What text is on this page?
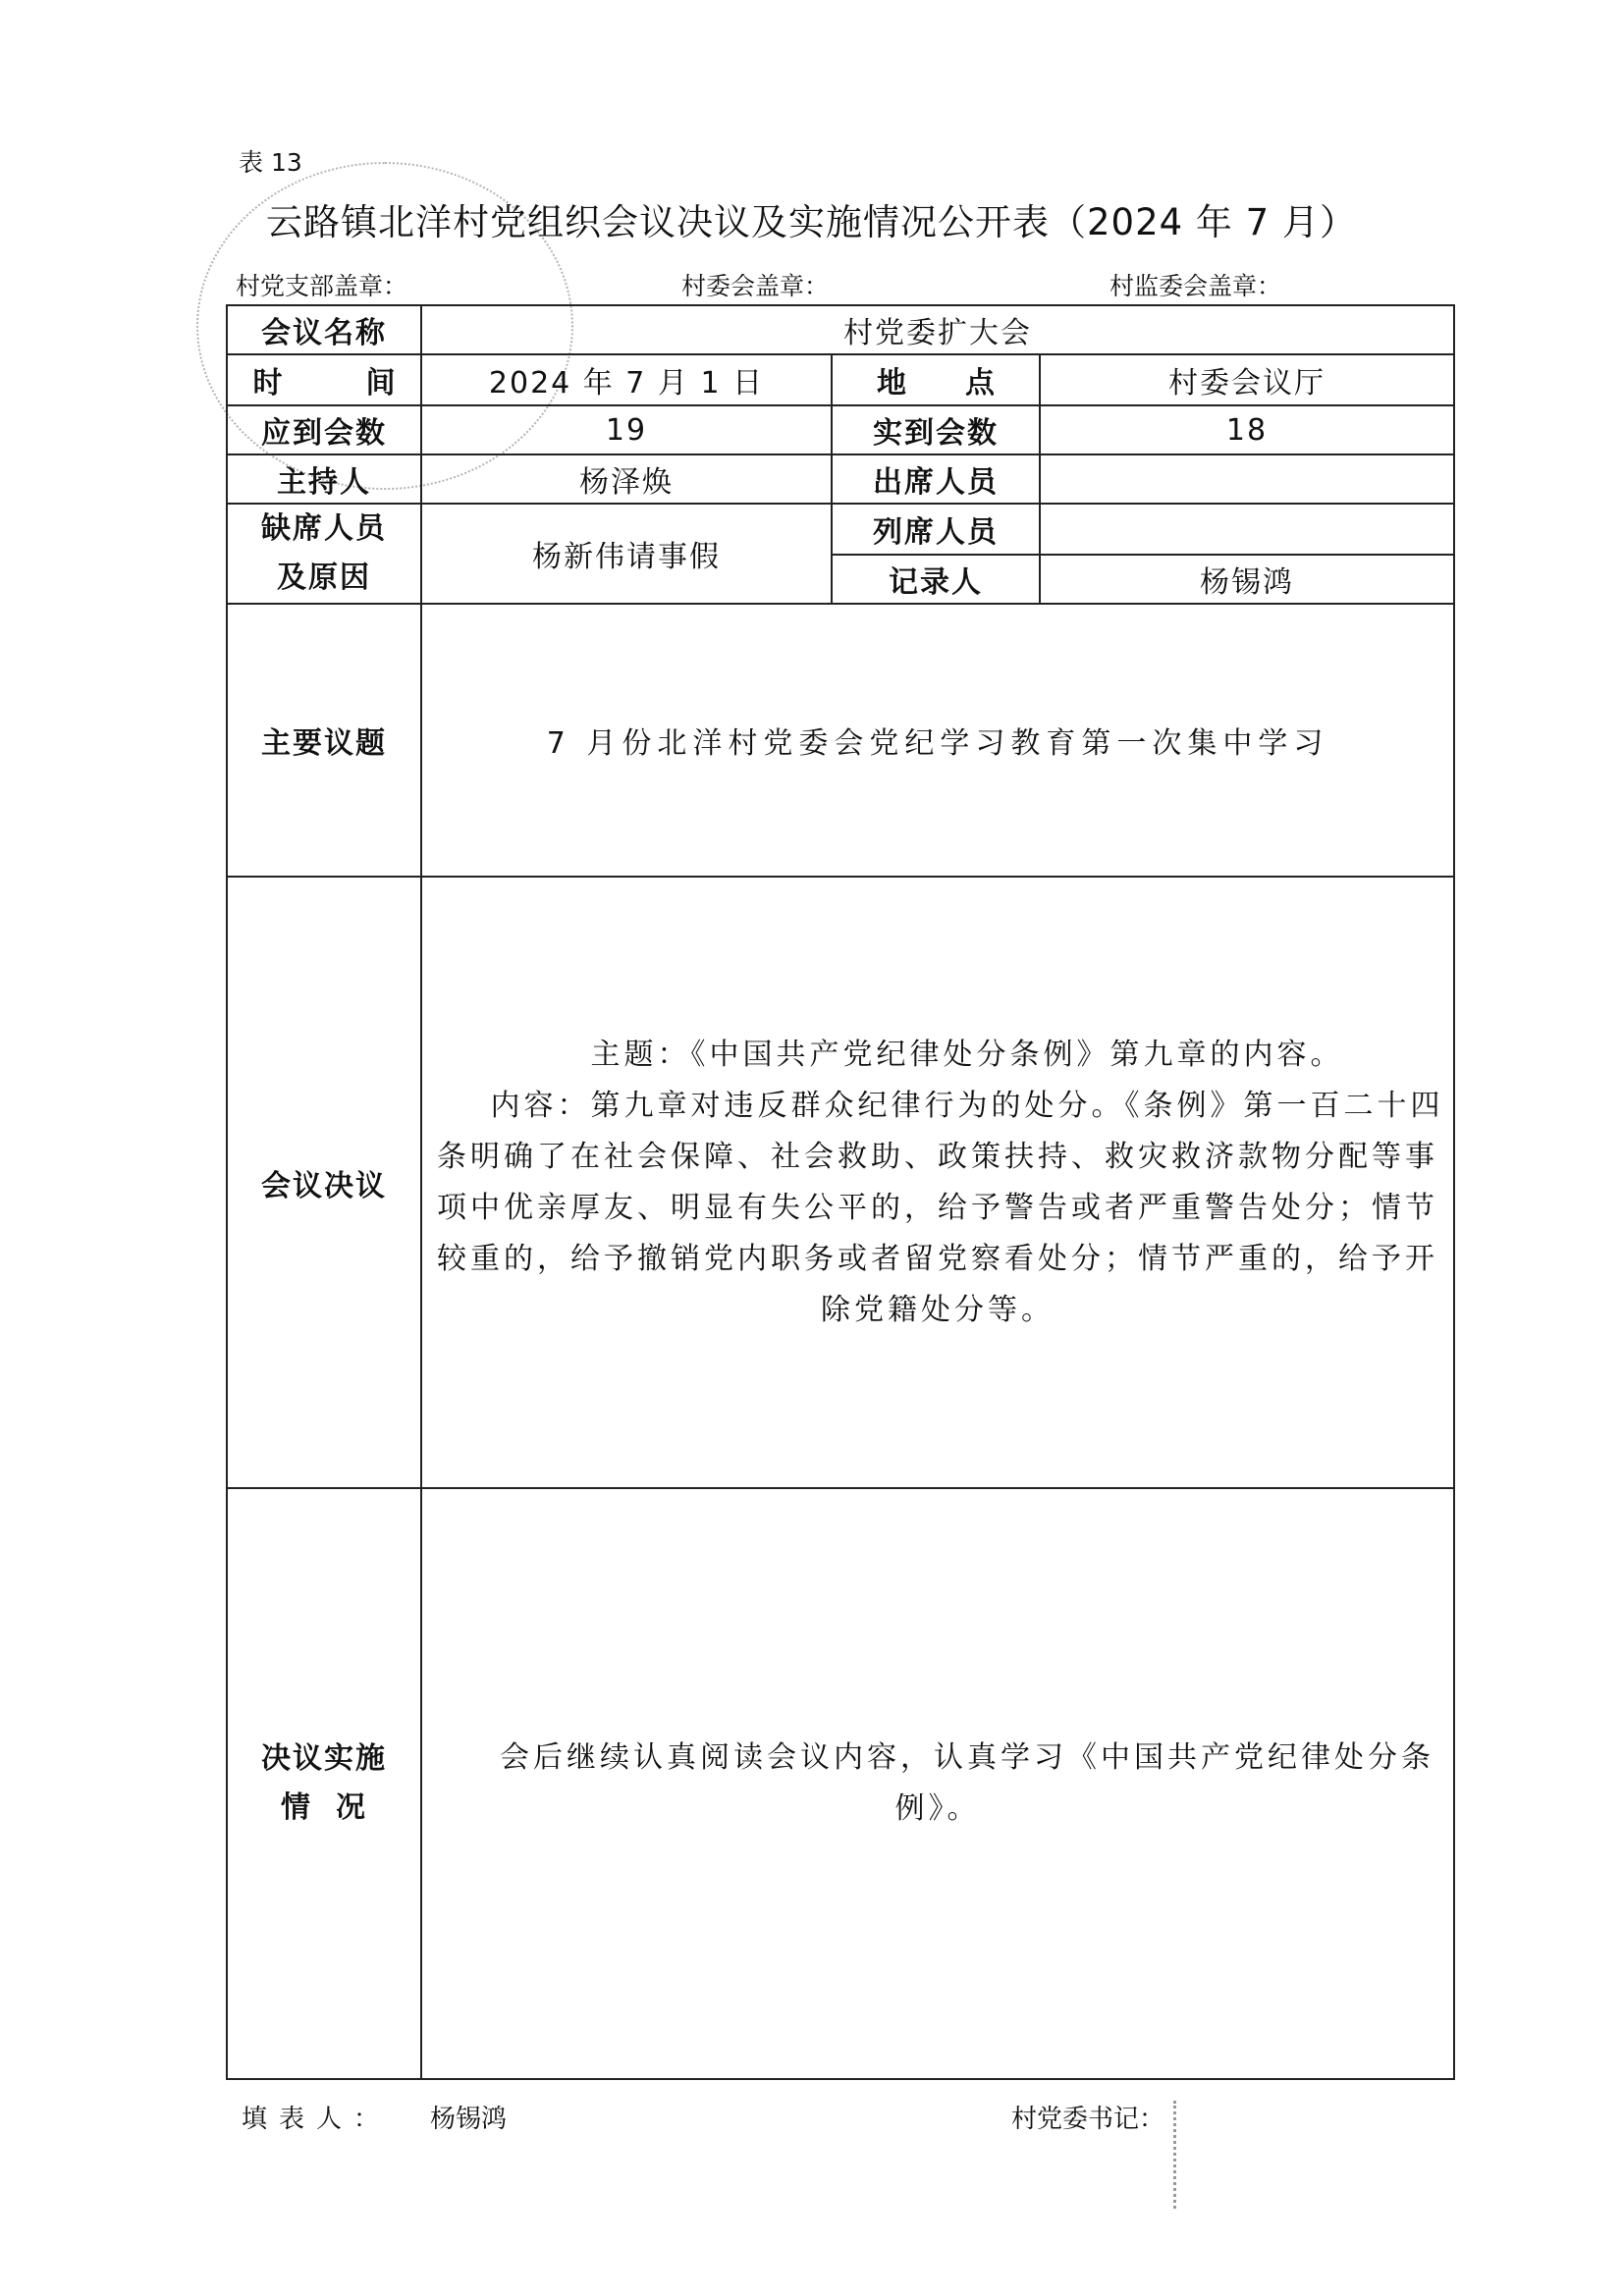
表 13
云路镇北洋村党组织会议决议及实施情况公开表（2024 年 7 月）
村党支部盖章：	村委会盖章：	村监委会盖章：
会议名称	村党委扩大会		

时 间	2024 年 7 月 1 日	地 点	村委会议厅
应到会数	19	实到会数	18
主持人	杨泽焕	出席人员	

缺席人员
及原因	杨新伟请事假	列席人员	
		记录人	杨锡鸿
主要议题	7 月份北洋村党委会党纪学习教育第一次集中学习		
会议决议	主题：《中国共产党纪律处分条例》第九章的内容。

内容：第九章对违反群众纪律行为的处分。《条例》第一百二十四条明确了在社会保障、社会救助、政策扶持、救灾救济款物分配等事项中优亲厚友、明显有失公平的，给予警告或者严重警告处分；情节较重的，给予撤销党内职务或者留党察看处分；情节严重的，给予开除党籍处分等。		

决议实施
情 况	会后继续认真阅读会议内容，认真学习《中国共产党纪律处分条例》。		

填表人： 杨锡鸿	村党委书记：
